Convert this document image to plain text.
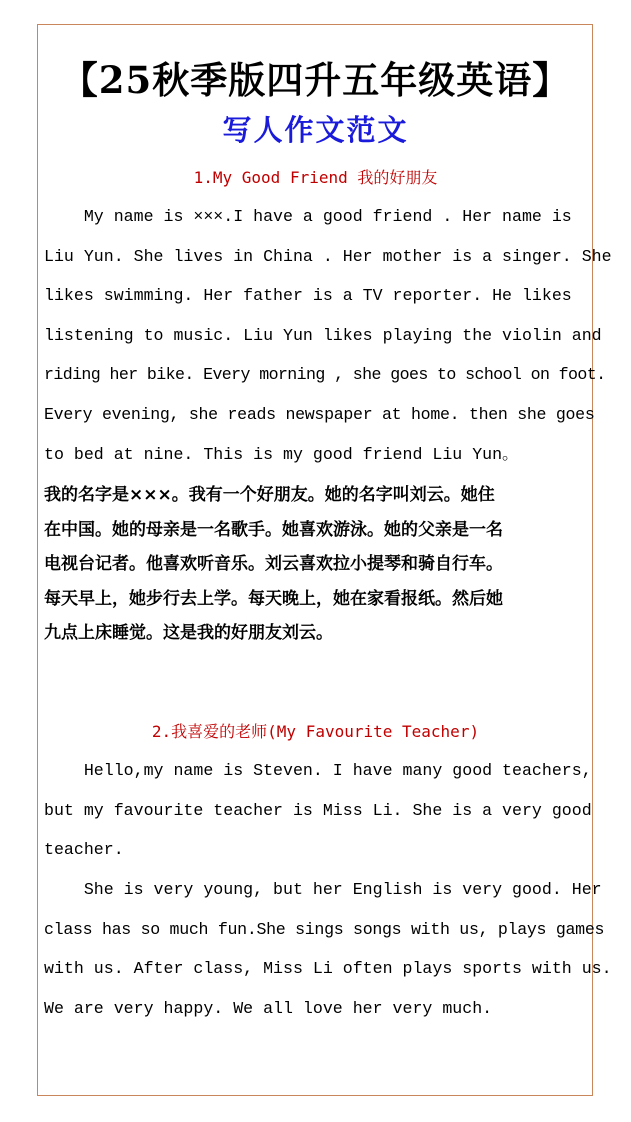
【25秋季版四升五年级英语】
写人作文范文
1.My Good Friend 我的好朋友
My name is ×××.I have a good friend . Her name is
Liu Yun. She lives in China . Her mother is a singer. She
likes swimming. Her father is a TV reporter. He likes
listening to music. Liu Yun likes playing the violin and
riding her bike. Every morning , she goes to school on foot.
Every evening, she reads newspaper at home. then she goes
to bed at nine. This is my good friend Liu Yun。
我的名字是×××。我有一个好朋友。她的名字叫刘云。她住
在中国。她的母亲是一名歌手。她喜欢游泳。她的父亲是一名
电视台记者。他喜欢听音乐。刘云喜欢拉小提琴和骑自行车。
每天早上，她步行去上学。每天晚上，她在家看报纸。然后她
九点上床睡觉。这是我的好朋友刘云。
2.我喜爱的老师(My Favourite Teacher)
Hello,my name is Steven. I have many good teachers,
but my favourite teacher is Miss Li. She is a very good
teacher.
She is very young, but her English is very good. Her
class has so much fun.She sings songs with us, plays games
with us. After class, Miss Li often plays sports with us.
We are very happy. We all love her very much.
